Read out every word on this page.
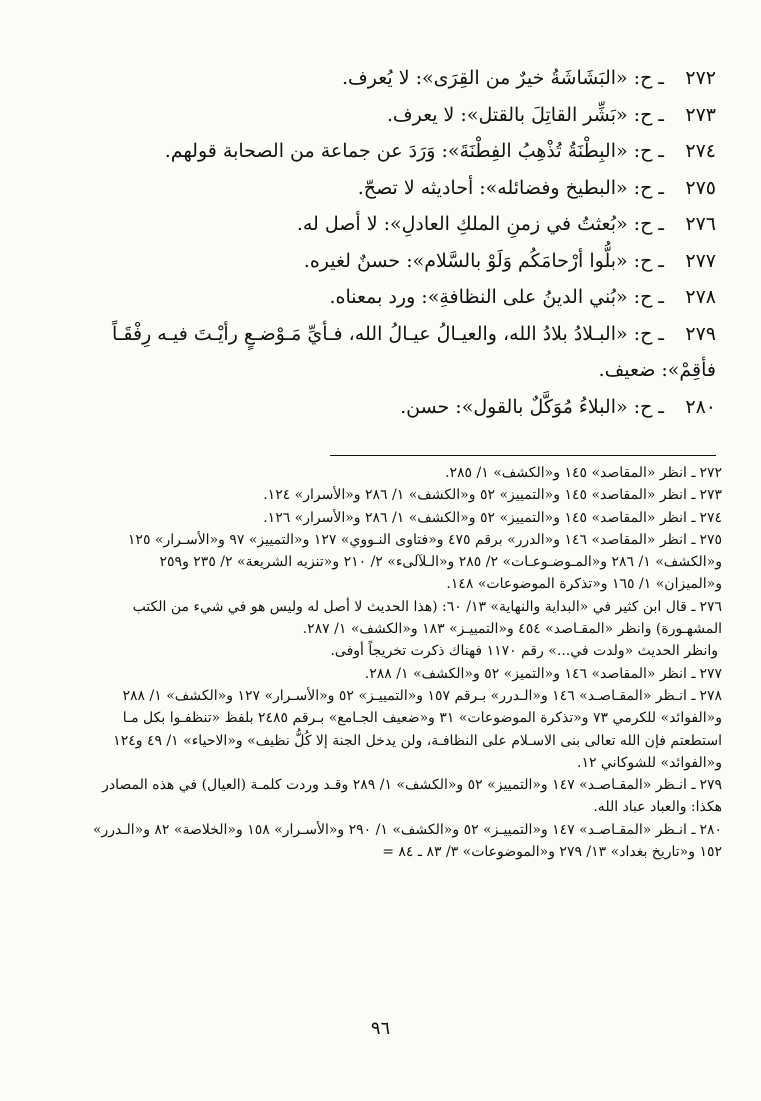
٢٧٢ ـ ح: «البَشَاشَةُ خيرٌ من القِرَى»: لا يُعرف.

٢٧٣ ـ ح: «بَشِّر القاتِلَ بالقتل»: لا يعرف.

٢٧٤ ـ ح: «البِطْنَةُ تُذْهِبُ الفِطْنَةَ»: وَرَدَ عن جماعة من الصحابة قولهم.

٢٧٥ ـ ح: «البطيخ وفضائله»: أحاديثه لا تصحّ.

٢٧٦ ـ ح: «بُعثتُ في زمنِ الملكِ العادلِ»: لا أصل له.

٢٧٧ ـ ح: «بلُّوا أرْحامَكُم وَلَوْ بالسَّلام»: حسنٌ لغيره.

٢٧٨ ـ ح: «بُني الدينُ على النظافةِ»: ورد بمعناه.

٢٧٩ ـ ح: «البـلادُ بلادُ الله، والعيـالُ عيـالُ الله، فـأيِّ مَـوْضـعٍ رأيْـتَ فيـه رِفْقَـاً فأقِمْ»: ضعيف.

٢٨٠ ـ ح: «البلاءُ مُوَكَّلٌ بالقول»: حسن.

٢٧٢ـ انظر «المقاصد» ١٤٥ و«الكشف» ١/ ٢٨٥.

٢٧٣ـ انظر «المقاصد» ١٤٥ و«التمييز» ٥٢ و«الكشف» ١/ ٢٨٦ و«الأسرار» ١٢٤.

٢٧٤ـ انظر «المقاصد» ١٤٥ و«التمييز» ٥٢ و«الكشف» ١/ ٢٨٦ و«الأسرار» ١٢٦.

٢٧٥ـ انظر «المقاصد» ١٤٦ و«الدرر» برقم ٤٧٥ و«فتاوى النـووي» ١٢٧ و«التمييز» ٩٧ و«الأسـرار» ١٢٥ و«الكشف» ١/ ٢٨٦ و«المـوضـوعـات» ٢/ ٢٨٥ و«الـلآلىء» ٢/ ٢١٠ و«تنزيه الشريعة» ٢/ ٢٣٥ و٢٥٩ و«الميزان» ١/ ١٦٥ و«تذكرة الموضوعات» ١٤٨.

٢٧٦ـ قال ابن كثير في «البداية والنهاية» ١٣/ ٦٠: (هذا الحديث لا أصل له وليس هو في شيء من الكتب المشهـورة) وانظر «المقـاصد» ٤٥٤ و«التمييـز» ١٨٣ و«الكشف» ١/ ٢٨٧.

وانظر الحديث «ولدت في...» رقم ١١٧٠ فهناك ذكرت تخريجاً أوفى.

٢٧٧ـ انظر «المقاصد» ١٤٦ و«التميز» ٥٢ و«الكشف» ١/ ٢٨٨.

٢٧٨ـ انـظر «المقـاصـد» ١٤٦ و«الـدرر» بـرقم ١٥٧ و«التمييـز» ٥٢ و«الأسـرار» ١٢٧ و«الكشف» ١/ ٢٨٨ و«الفوائد» للكرمي ٧٣ و«تذكرة الموضوعات» ٣١ و«ضعيف الجـامع» بـرقم ٢٤٨٥ بلفظ «تنظفـوا بكل مـا استطعتم فإن الله تعالى بنى الاسـلام على النظافـة، ولن يدخل الجنة إلا كُلُّ نظيف» و«الاحياء» ١/ ٤٩ و١٢٤ و«الفوائد» للشوكاني ١٢.

٢٧٩ـ انـظر «المقـاصـد» ١٤٧ و«التمييز» ٥٢ و«الكشف» ١/ ٢٨٩ وقـد وردت كلمـة (العيال) في هذه المصادر هكذا: والعباد عباد الله.

٢٨٠ـ انـظر «المقـاصـد» ١٤٧ و«التمييـز» ٥٢ و«الكشف» ١/ ٢٩٠ و«الأسـرار» ١٥٨ و«الخلاصة» ٨٢ و«الـدرر» ١٥٢ و«تاريخ بغداد» ١٣/ ٢٧٩ و«الموضوعات» ٣/ ٨٣ ـ ٨٤ =

٩٦
